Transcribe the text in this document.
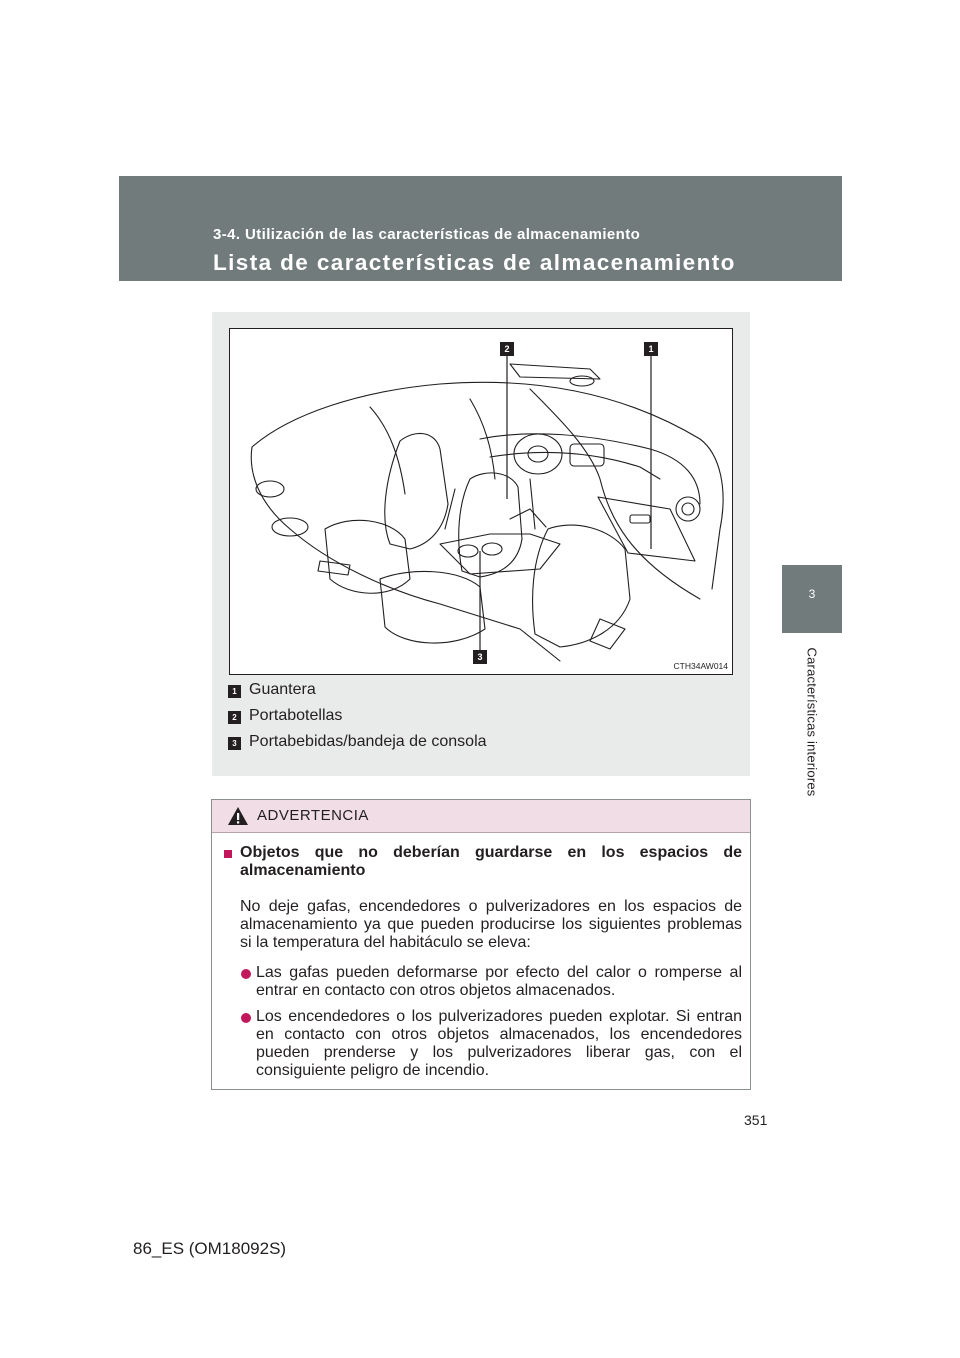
3-4. Utilización de las características de almacenamiento
Lista de características de almacenamiento
3
Características interiores
1
2
3
CTH34AW014
1 Guantera
2 Portabotellas
3 Portabebidas/bandeja de consola
ADVERTENCIA
Objetos que no deberían guardarse en los espacios de almacenamiento
No deje gafas, encendedores o pulverizadores en los espacios de almacenamiento ya que pueden producirse los siguientes problemas si la temperatura del habitáculo se eleva:
Las gafas pueden deformarse por efecto del calor o romperse al entrar en contacto con otros objetos almacenados.
Los encendedores o los pulverizadores pueden explotar. Si entran en contacto con otros objetos almacenados, los encendedores pueden prenderse y los pulverizadores liberar gas, con el consiguiente peligro de incendio.
351
86_ES (OM18092S)
